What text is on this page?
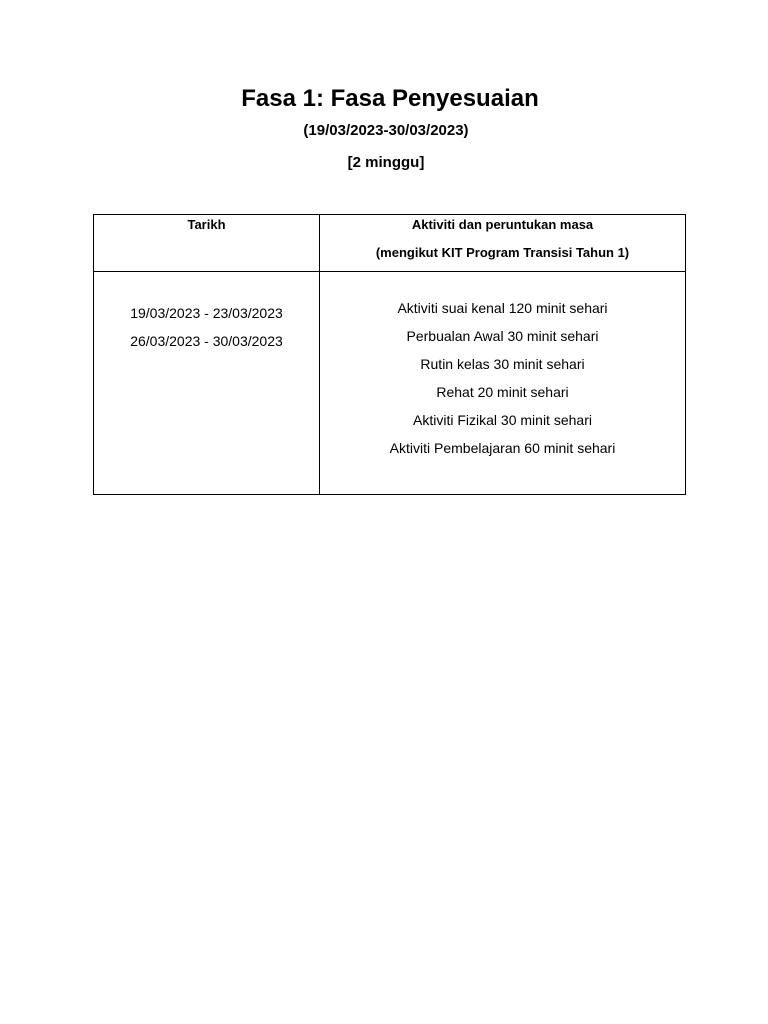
Fasa 1: Fasa Penyesuaian
(19/03/2023-30/03/2023)
[2 minggu]
Tarikh	Aktiviti dan peruntukan masa
(mengikut KIT Program Transisi Tahun 1)
19/03/2023 - 23/03/2023
26/03/2023 - 30/03/2023
Aktiviti suai kenal 120 minit sehari
Perbualan Awal 30 minit sehari
Rutin kelas 30 minit sehari
Rehat 20 minit sehari
Aktiviti Fizikal 30 minit sehari
Aktiviti Pembelajaran 60 minit sehari
